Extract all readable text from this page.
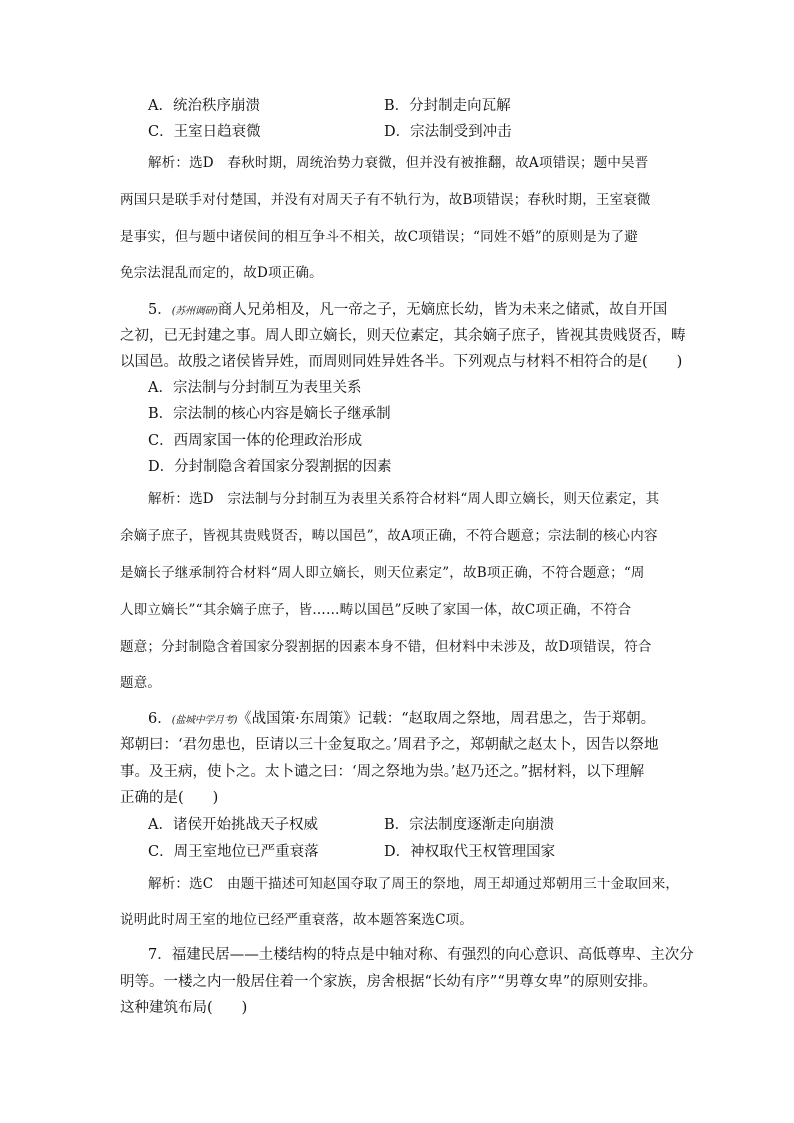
A．统治秩序崩溃	B．分封制走向瓦解
C．王室日趋衰微	D．宗法制受到冲击
解析：选D　春秋时期，周统治势力衰微，但并没有被推翻，故A项错误；题中吴晋
两国只是联手对付楚国，并没有对周天子有不轨行为，故B项错误；春秋时期，王室衰微
是事实，但与题中诸侯间的相互争斗不相关，故C项错误；“同姓不婚”的原则是为了避
免宗法混乱而定的，故D项正确。
5．(苏州调研)商人兄弟相及，凡一帝之子，无嫡庶长幼，皆为未来之储贰，故自开国
之初，已无封建之事。周人即立嫡长，则天位素定，其余嫡子庶子，皆视其贵贱贤否，畴
以国邑。故殷之诸侯皆异姓，而周则同姓异姓各半。下列观点与材料不相符合的是(　　)
A．宗法制与分封制互为表里关系
B．宗法制的核心内容是嫡长子继承制
C．西周家国一体的伦理政治形成
D．分封制隐含着国家分裂割据的因素
解析：选D　宗法制与分封制互为表里关系符合材料“周人即立嫡长，则天位素定，其
余嫡子庶子，皆视其贵贱贤否，畴以国邑”，故A项正确，不符合题意；宗法制的核心内容
是嫡长子继承制符合材料“周人即立嫡长，则天位素定”，故B项正确，不符合题意；“周
人即立嫡长”“其余嫡子庶子，皆……畴以国邑”反映了家国一体，故C项正确，不符合
题意；分封制隐含着国家分裂割据的因素本身不错，但材料中未涉及，故D项错误，符合
题意。
6．(盐城中学月考)《战国策·东周策》记载：“赵取周之祭地，周君患之，告于郑朝。
郑朝曰：‘君勿患也，臣请以三十金复取之。’周君予之，郑朝献之赵太卜，因告以祭地
事。及王病，使卜之。太卜谴之曰：‘周之祭地为祟。’赵乃还之。”据材料，以下理解
正确的是(　　)
A．诸侯开始挑战天子权威	B．宗法制度逐渐走向崩溃
C．周王室地位已严重衰落	D．神权取代王权管理国家
解析：选C　由题干描述可知赵国夺取了周王的祭地，周王却通过郑朝用三十金取回来，
说明此时周王室的地位已经严重衰落，故本题答案选C项。
7．福建民居——土楼结构的特点是中轴对称、有强烈的向心意识、高低尊卑、主次分
明等。一楼之内一般居住着一个家族，房舍根据“长幼有序”“男尊女卑”的原则安排。
这种建筑布局(　　)
